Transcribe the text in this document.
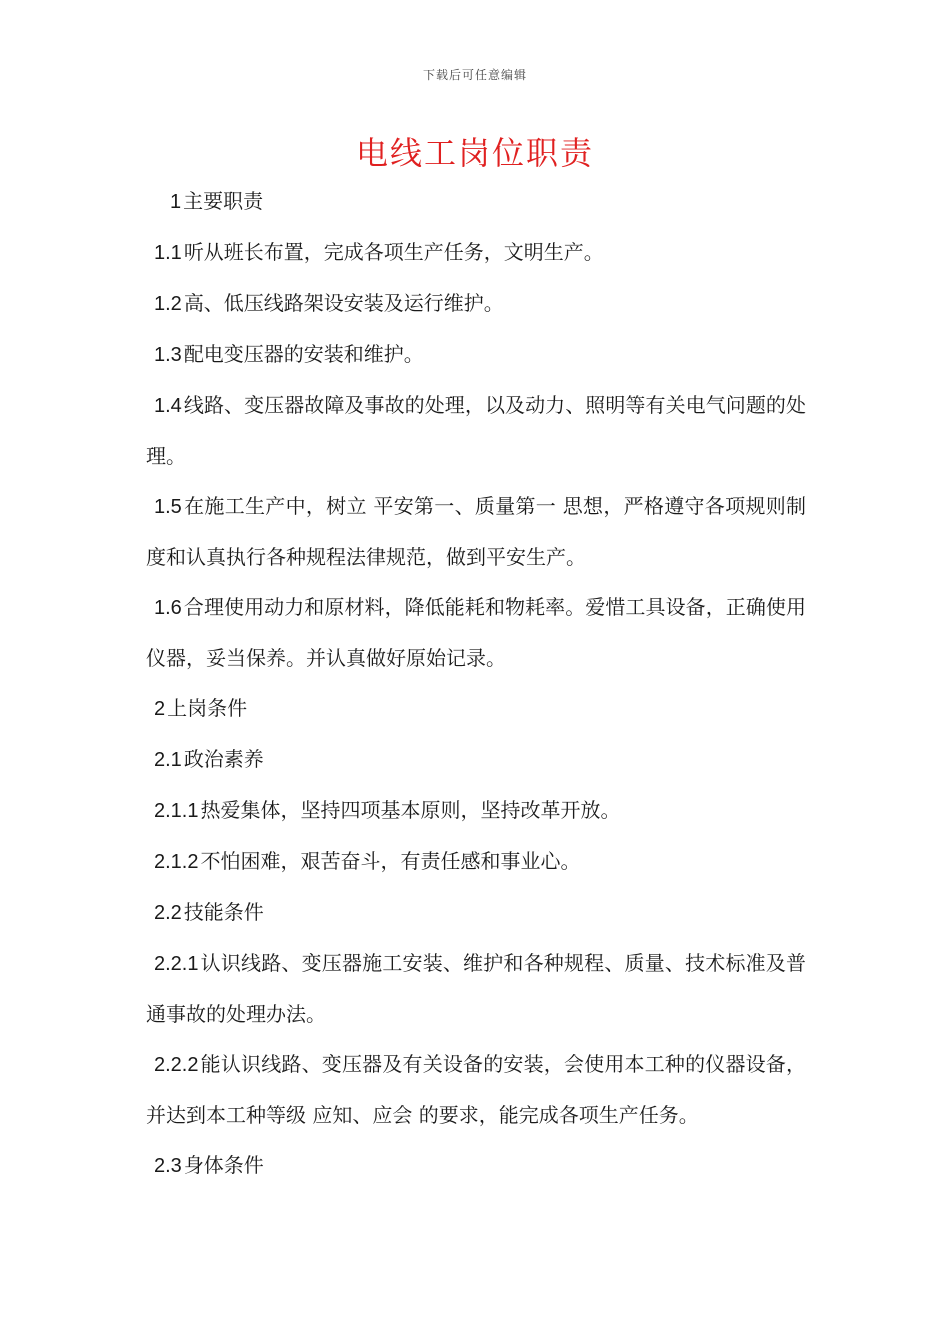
下载后可任意编辑
电线工岗位职责

1 主要职责

1.1 听从班长布置，完成各项生产任务，文明生产。

1.2 高、低压线路架设安装及运行维护。

1.3 配电变压器的安装和维护。

1.4 线路、变压器故障及事故的处理，以及动力、照明等有关电气问题的处理。

1.5 在施工生产中，树立 平安第一、质量第一 思想，严格遵守各项规则制度和认真执行各种规程法律规范，做到平安生产。

1.6 合理使用动力和原材料，降低能耗和物耗率。爱惜工具设备，正确使用仪器，妥当保养。并认真做好原始记录。

2 上岗条件

2.1 政治素养

2.1.1 热爱集体，坚持四项基本原则，坚持改革开放。

2.1.2 不怕困难，艰苦奋斗，有责任感和事业心。

2.2 技能条件

2.2.1 认识线路、变压器施工安装、维护和各种规程、质量、技术标准及普通事故的处理办法。

2.2.2 能认识线路、变压器及有关设备的安装，会使用本工种的仪器设备，并达到本工种等级 应知、应会 的要求，能完成各项生产任务。

2.3 身体条件
